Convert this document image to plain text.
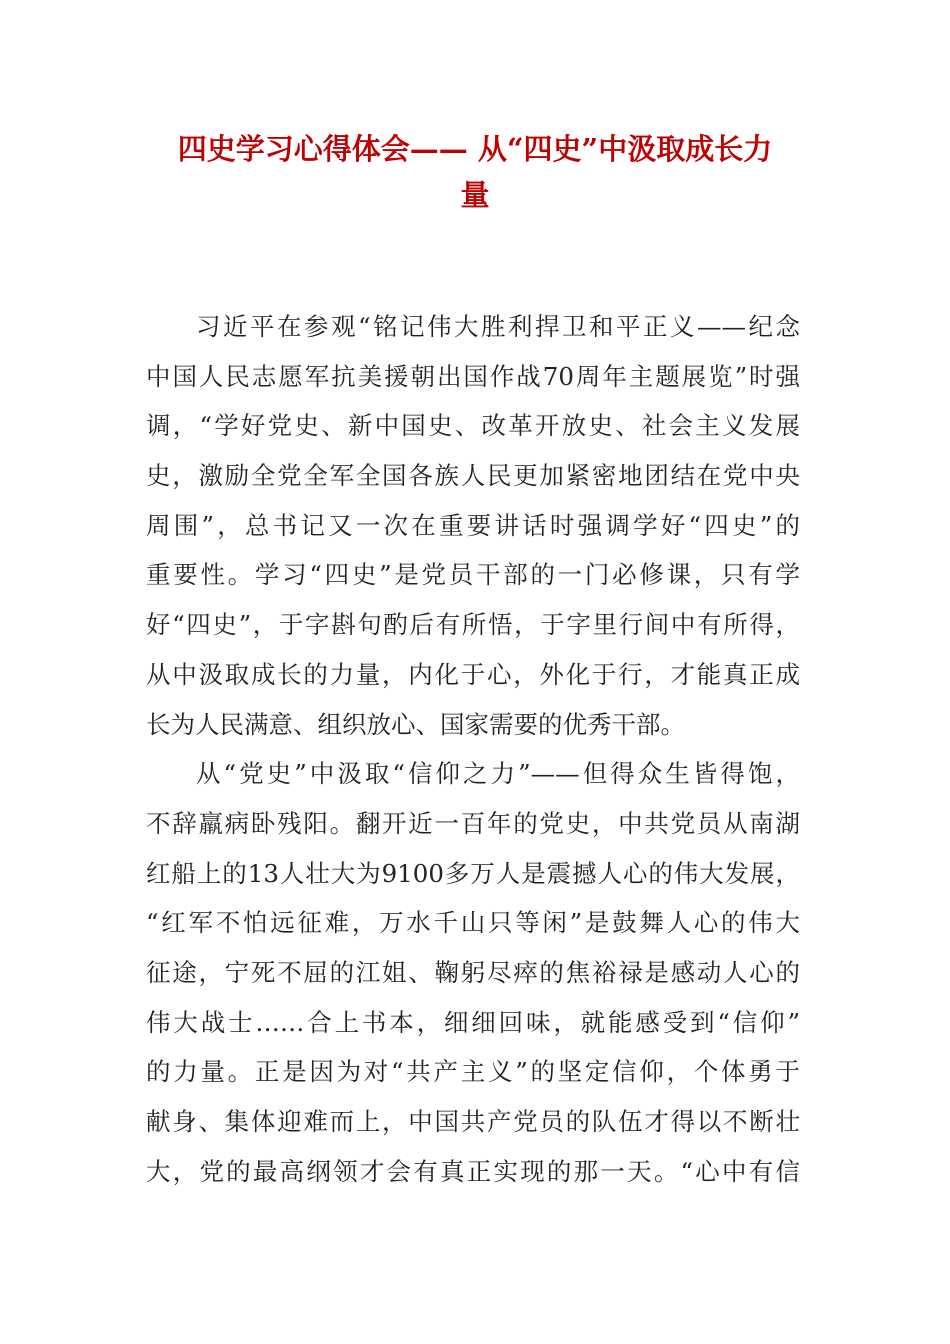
四史学习心得体会—— 从“四史”中汲取成长力
量
习近平在参观“铭记伟大胜利捍卫和平正义——纪念
中国人民志愿军抗美援朝出国作战70周年主题展览”时强
调，“学好党史、新中国史、改革开放史、社会主义发展
史，激励全党全军全国各族人民更加紧密地团结在党中央
周围”，总书记又一次在重要讲话时强调学好“四史”的
重要性。学习“四史”是党员干部的一门必修课，只有学
好“四史”，于字斟句酌后有所悟，于字里行间中有所得，
从中汲取成长的力量，内化于心，外化于行，才能真正成
长为人民满意、组织放心、国家需要的优秀干部。
从“党史”中汲取“信仰之力”——但得众生皆得饱，
不辞羸病卧残阳。翻开近一百年的党史，中共党员从南湖
红船上的13人壮大为9100多万人是震撼人心的伟大发展，
“红军不怕远征难，万水千山只等闲”是鼓舞人心的伟大
征途，宁死不屈的江姐、鞠躬尽瘁的焦裕禄是感动人心的
伟大战士……合上书本，细细回味，就能感受到“信仰”
的力量。正是因为对“共产主义”的坚定信仰，个体勇于
献身、集体迎难而上，中国共产党员的队伍才得以不断壮
大，党的最高纲领才会有真正实现的那一天。“心中有信
